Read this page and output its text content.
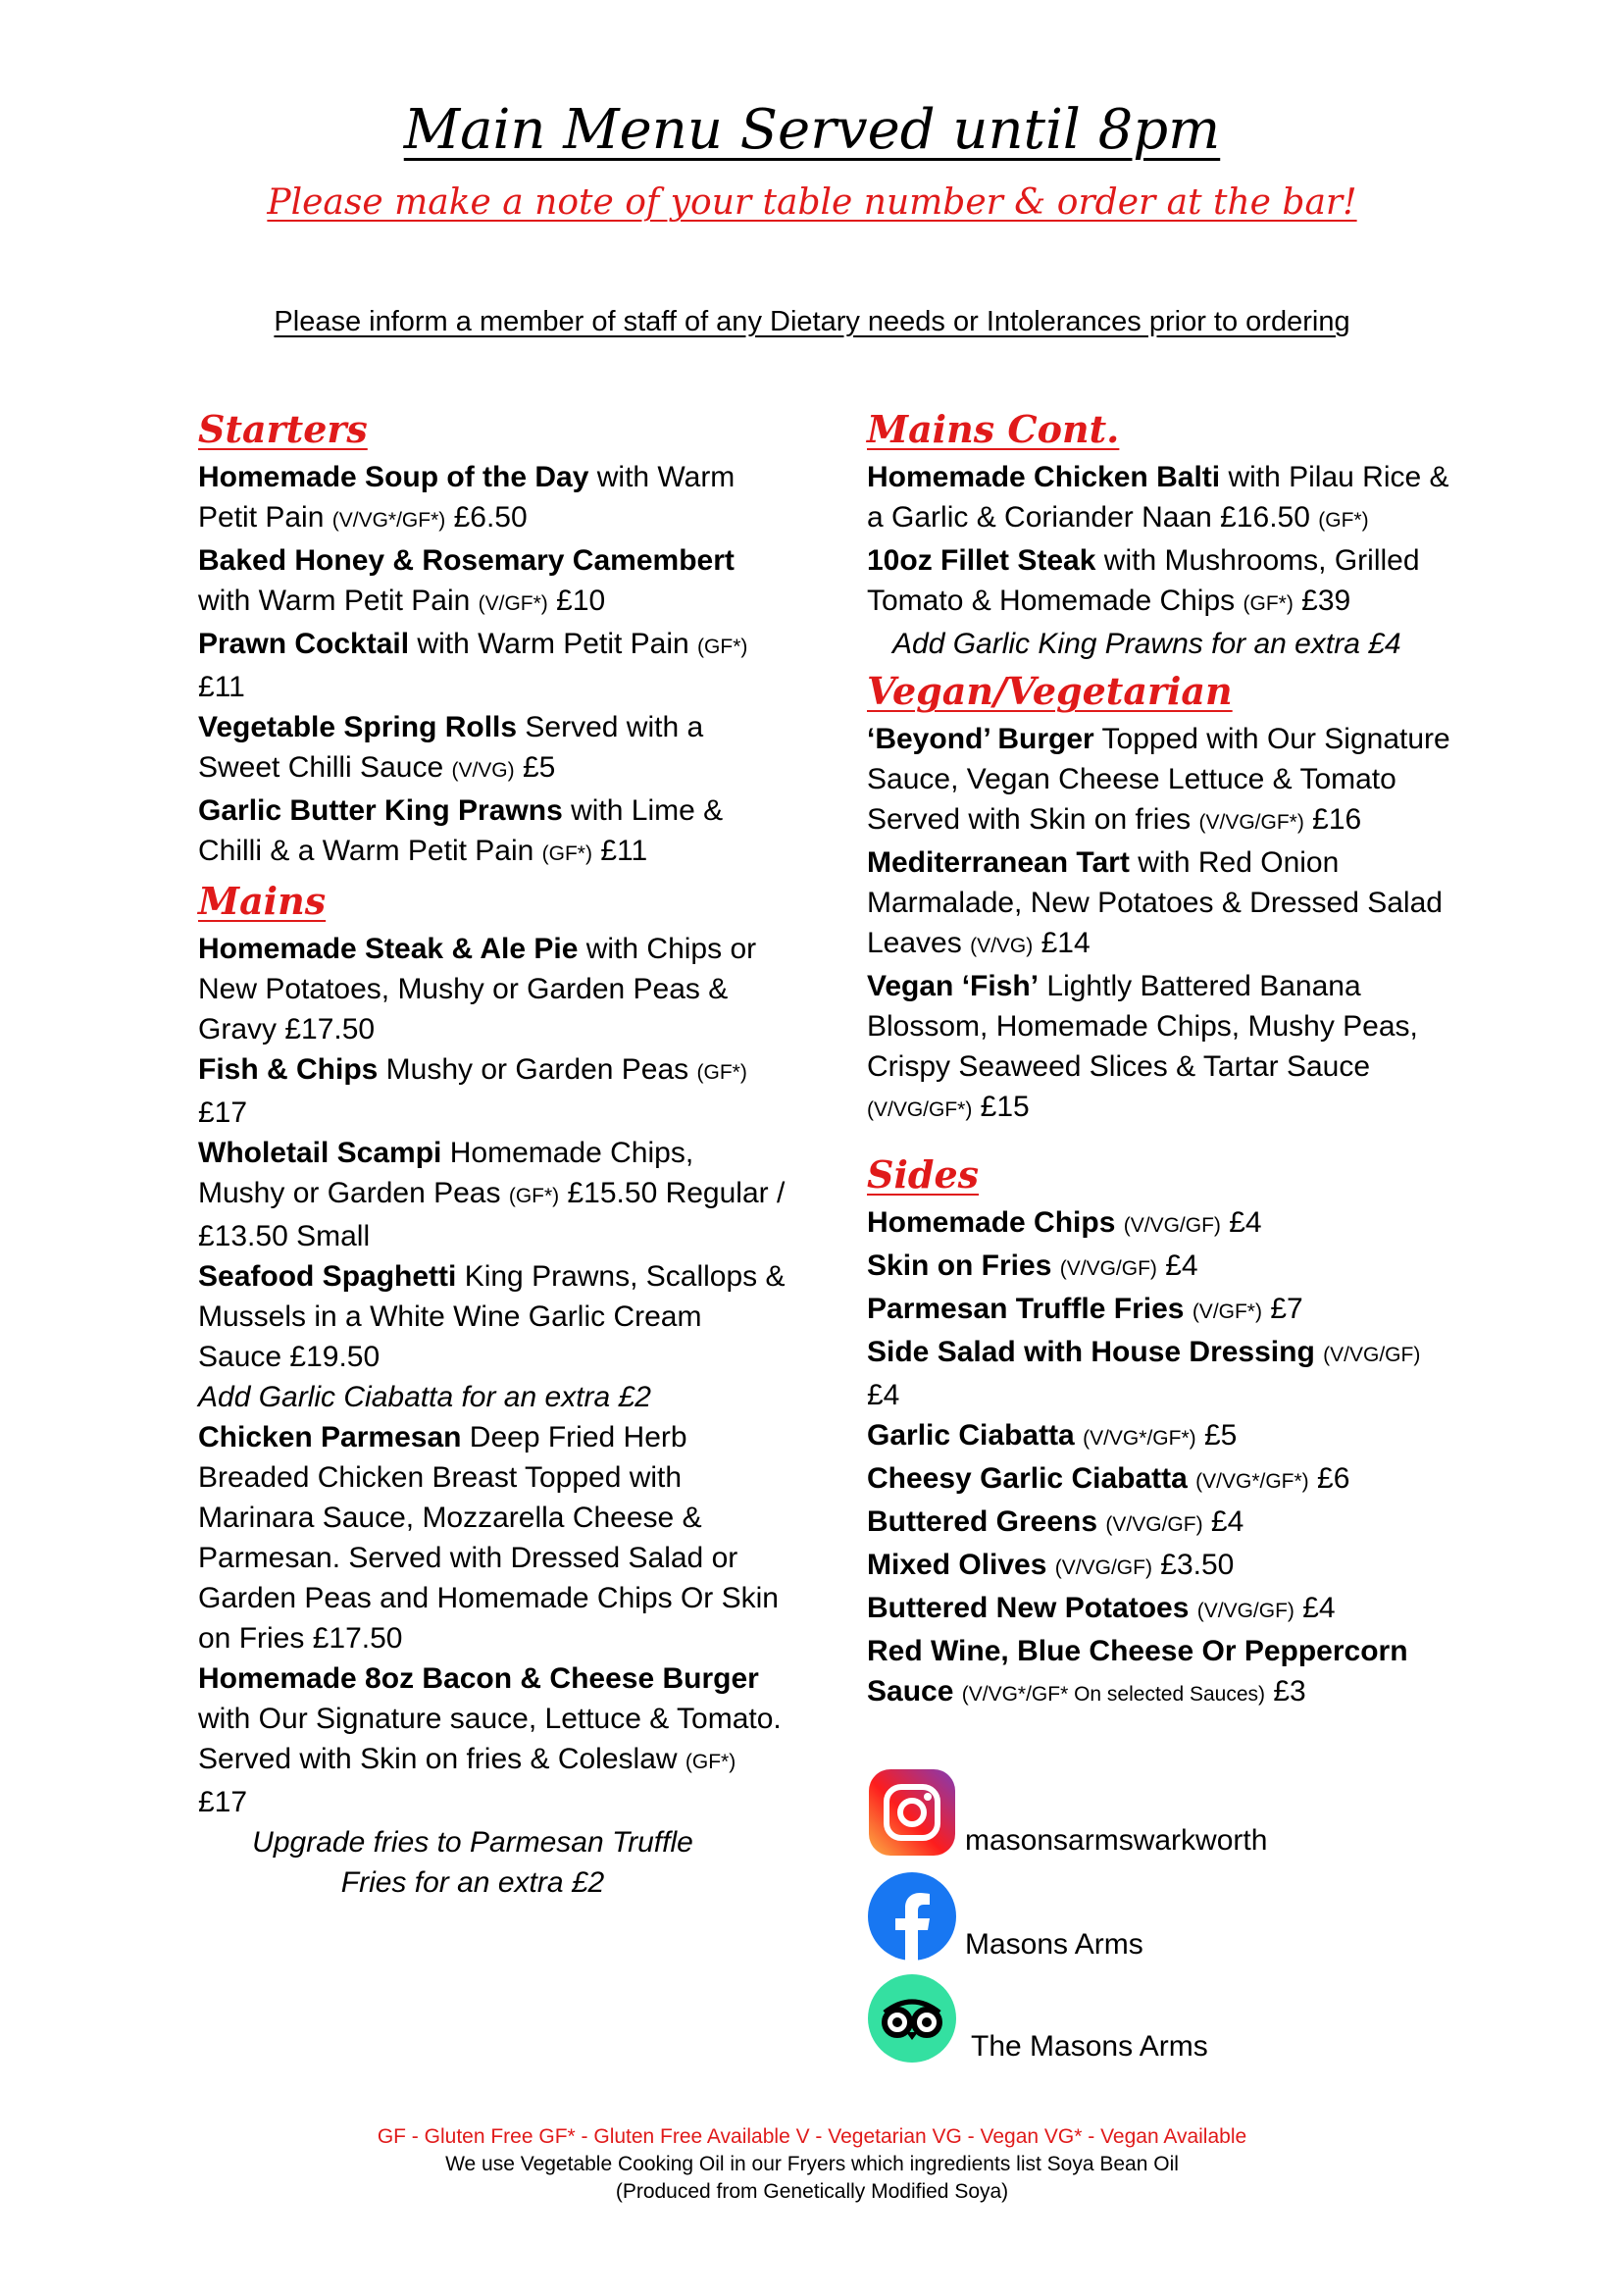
Main Menu Served until 8pm
Please make a note of your table number & order at the bar!
Please inform a member of staff of any Dietary needs or Intolerances prior to ordering
Starters

Homemade Soup of the Day with Warm Petit Pain (V/VG*/GF*) £6.50

Baked Honey & Rosemary Camembert with Warm Petit Pain (V/GF*) £10

Prawn Cocktail with Warm Petit Pain (GF*) £11

Vegetable Spring Rolls Served with a Sweet Chilli Sauce (V/VG) £5

Garlic Butter King Prawns with Lime & Chilli & a Warm Petit Pain (GF*) £11

Mains

Homemade Steak & Ale Pie with Chips or New Potatoes, Mushy or Garden Peas & Gravy £17.50

Fish & Chips Mushy or Garden Peas (GF*) £17

Wholetail Scampi Homemade Chips, Mushy or Garden Peas (GF*) £15.50 Regular / £13.50 Small

Seafood Spaghetti King Prawns, Scallops & Mussels in a White Wine Garlic Cream Sauce £19.50

Add Garlic Ciabatta for an extra £2

Chicken Parmesan Deep Fried Herb Breaded Chicken Breast Topped with Marinara Sauce, Mozzarella Cheese & Parmesan. Served with Dressed Salad or Garden Peas and Homemade Chips Or Skin on Fries £17.50

Homemade 8oz Bacon & Cheese Burger with Our Signature sauce, Lettuce & Tomato. Served with Skin on fries & Coleslaw (GF*) £17

Upgrade fries to Parmesan Truffle Fries for an extra £2
Mains Cont.

Homemade Chicken Balti with Pilau Rice & a Garlic & Coriander Naan £16.50 (GF*)

10oz Fillet Steak with Mushrooms, Grilled Tomato & Homemade Chips (GF*) £39

Add Garlic King Prawns for an extra £4
Vegan/Vegetarian

‘Beyond’ Burger Topped with Our Signature Sauce, Vegan Cheese Lettuce & Tomato Served with Skin on fries (V/VG/GF*) £16

Mediterranean Tart with Red Onion Marmalade, New Potatoes & Dressed Salad Leaves (V/VG) £14

Vegan ‘Fish’ Lightly Battered Banana Blossom, Homemade Chips, Mushy Peas, Crispy Seaweed Slices & Tartar Sauce (V/VG/GF*) £15

Sides

Homemade Chips (V/VG/GF) £4

Skin on Fries (V/VG/GF) £4

Parmesan Truffle Fries (V/GF*) £7

Side Salad with House Dressing (V/VG/GF) £4

Garlic Ciabatta (V/VG*/GF*) £5

Cheesy Garlic Ciabatta (V/VG*/GF*) £6

Buttered Greens (V/VG/GF) £4

Mixed Olives (V/VG/GF) £3.50

Buttered New Potatoes (V/VG/GF) £4

Red Wine, Blue Cheese Or Peppercorn Sauce (V/VG*/GF* On selected Sauces) £3

masonsarmswarkworth
Masons Arms
The Masons Arms
GF - Gluten Free GF* - Gluten Free Available V - Vegetarian VG - Vegan VG* - Vegan Available
We use Vegetable Cooking Oil in our Fryers which ingredients list Soya Bean Oil
(Produced from Genetically Modified Soya)
